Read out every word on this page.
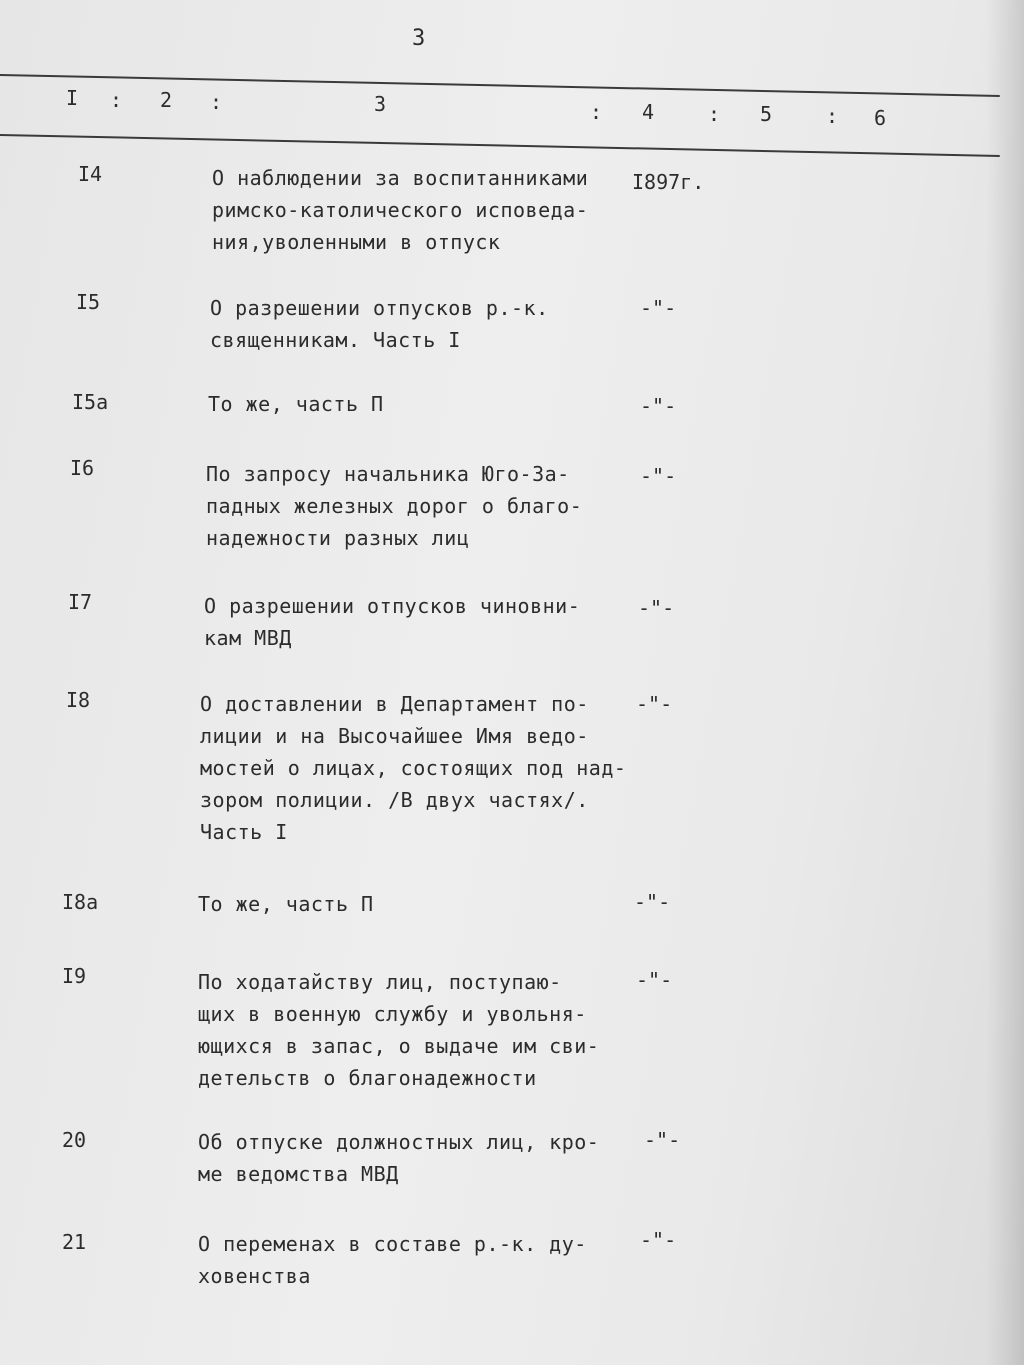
3
I : 2 :	3	: 4	: 5	: 6
I4	О наблюдении за воспитанниками
римско-католического исповеда-
ния,уволенными в отпуск
I897г.
I5	О разрешении отпусков р.-к.
священникам. Часть I
-"-
I5а	То же, часть П	-"-
I6	По запросу начальника Юго-За-
падных железных дорог о благо-
надежности разных лиц
-"-
I7	О разрешении отпусков чиновни-
кам МВД
-"-
I8	О доставлении в Департамент по-
лиции и на Высочайшее Имя ведо-
мостей о лицах, состоящих под над-
зором полиции. /В двух частях/.
Часть I
-"-
I8а	То же, часть П	-"-
I9	По ходатайству лиц, поступаю-
щих в военную службу и увольня-
ющихся в запас, о выдаче им сви-
детельств о благонадежности
-"-
20	Об отпуске должностных лиц, кро-
ме ведомства МВД
-"-
21	О переменах в составе р.-к. ду-
ховенства
-"-
